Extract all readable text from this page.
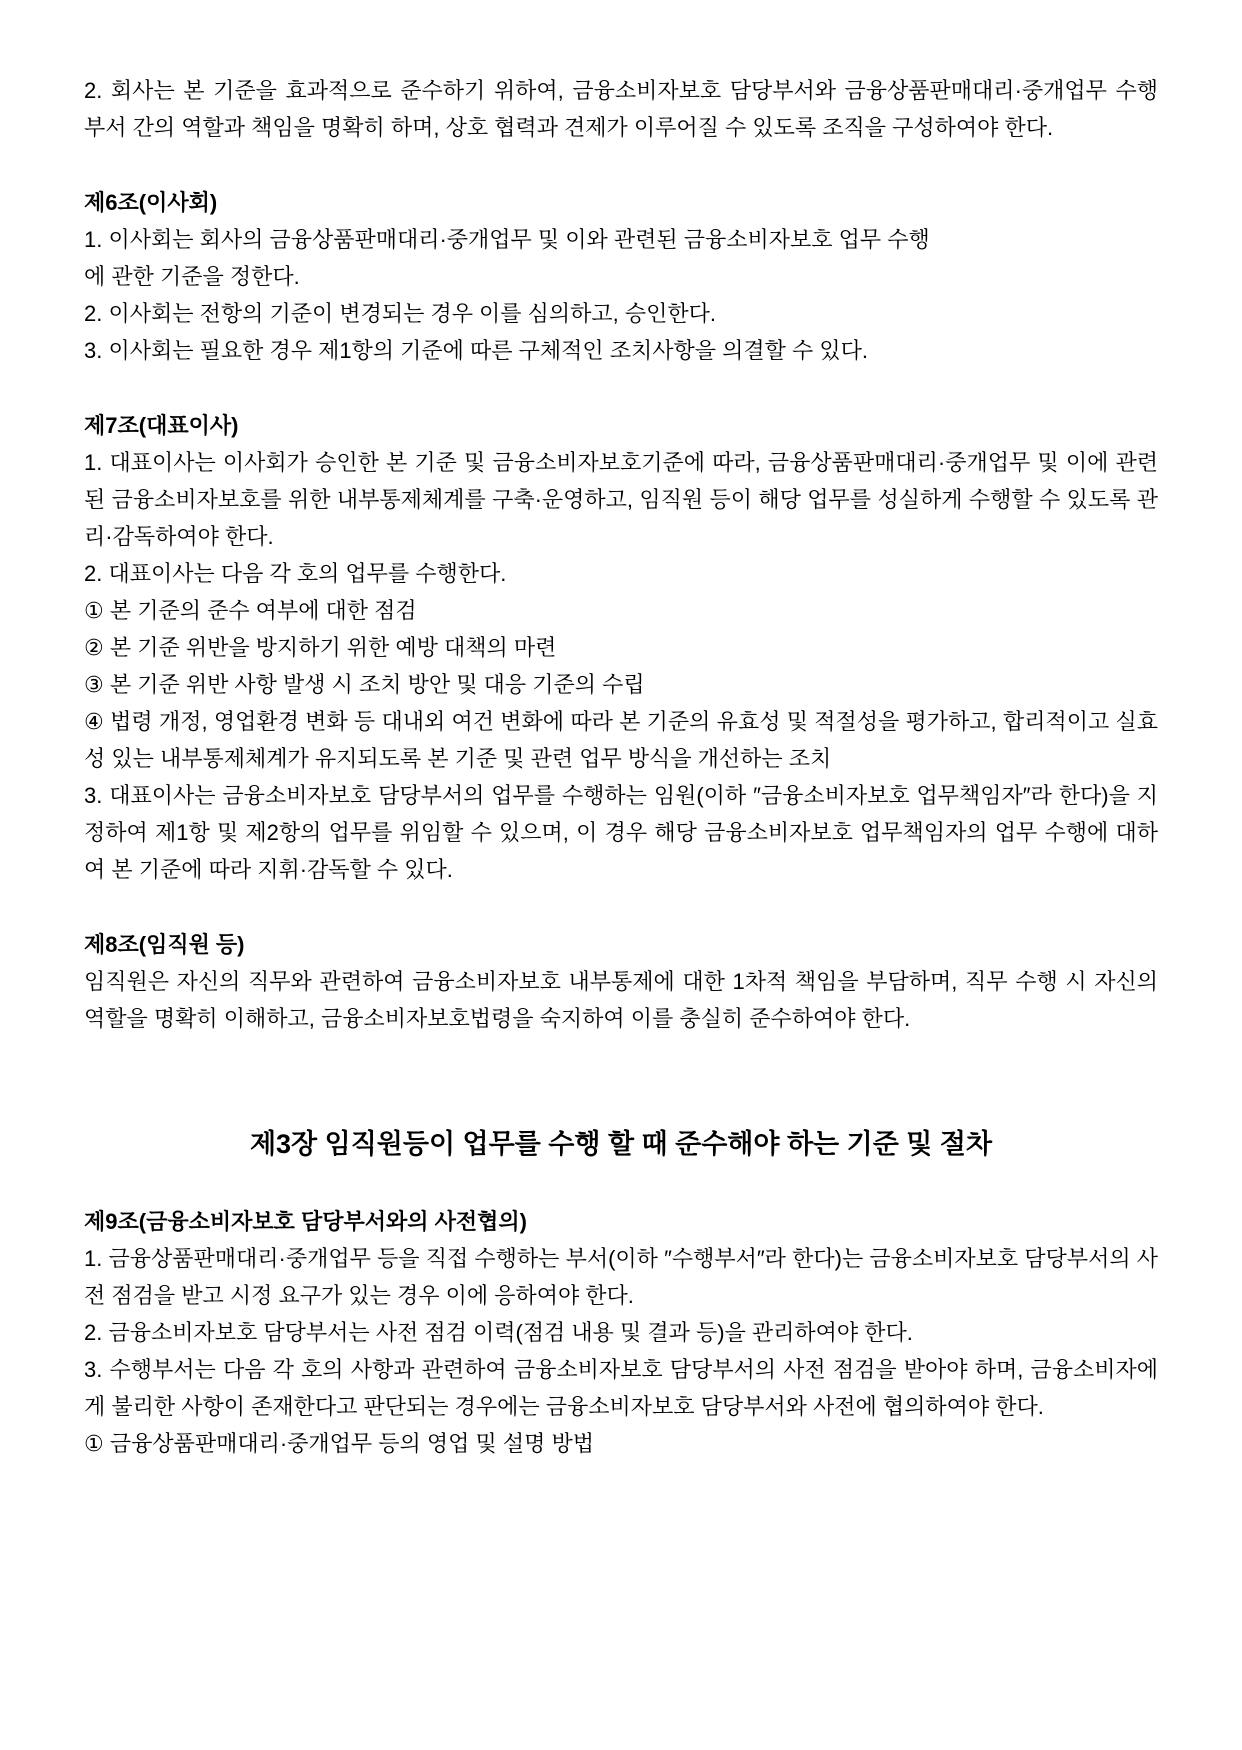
2. 회사는 본 기준을 효과적으로 준수하기 위하여, 금융소비자보호 담당부서와 금융상품판매대리·중개업무 수행 부서 간의 역할과 책임을 명확히 하며, 상호 협력과 견제가 이루어질 수 있도록 조직을 구성하여야 한다.

제6조(이사회)

1. 이사회는 회사의 금융상품판매대리·중개업무 및 이와 관련된 금융소비자보호 업무 수행
에 관한 기준을 정한다.

2. 이사회는 전항의 기준이 변경되는 경우 이를 심의하고, 승인한다.

3. 이사회는 필요한 경우 제1항의 기준에 따른 구체적인 조치사항을 의결할 수 있다.

제7조(대표이사)

1. 대표이사는 이사회가 승인한 본 기준 및 금융소비자보호기준에 따라, 금융상품판매대리·중개업무 및 이에 관련된 금융소비자보호를 위한 내부통제체계를 구축·운영하고, 임직원 등이 해당 업무를 성실하게 수행할 수 있도록 관리·감독하여야 한다.

2. 대표이사는 다음 각 호의 업무를 수행한다.

① 본 기준의 준수 여부에 대한 점검

② 본 기준 위반을 방지하기 위한 예방 대책의 마련

③ 본 기준 위반 사항 발생 시 조치 방안 및 대응 기준의 수립

④ 법령 개정, 영업환경 변화 등 대내외 여건 변화에 따라 본 기준의 유효성 및 적절성을 평가하고, 합리적이고 실효성 있는 내부통제체계가 유지되도록 본 기준 및 관련 업무 방식을 개선하는 조치

3. 대표이사는 금융소비자보호 담당부서의 업무를 수행하는 임원(이하 ″금융소비자보호 업무책임자″라 한다)을 지정하여 제1항 및 제2항의 업무를 위임할 수 있으며, 이 경우 해당 금융소비자보호 업무책임자의 업무 수행에 대하여 본 기준에 따라 지휘·감독할 수 있다.

제8조(임직원 등)

임직원은 자신의 직무와 관련하여 금융소비자보호 내부통제에 대한 1차적 책임을 부담하며, 직무 수행 시 자신의 역할을 명확히 이해하고, 금융소비자보호법령을 숙지하여 이를 충실히 준수하여야 한다.

제3장 임직원등이 업무를 수행 할 때 준수해야 하는 기준 및 절차
제9조(금융소비자보호 담당부서와의 사전협의)

1. 금융상품판매대리·중개업무 등을 직접 수행하는 부서(이하 ″수행부서″라 한다)는 금융소비자보호 담당부서의 사전 점검을 받고 시정 요구가 있는 경우 이에 응하여야 한다.

2. 금융소비자보호 담당부서는 사전 점검 이력(점검 내용 및 결과 등)을 관리하여야 한다.

3. 수행부서는 다음 각 호의 사항과 관련하여 금융소비자보호 담당부서의 사전 점검을 받아야 하며, 금융소비자에게 불리한 사항이 존재한다고 판단되는 경우에는 금융소비자보호 담당부서와 사전에 협의하여야 한다.

① 금융상품판매대리·중개업무 등의 영업 및 설명 방법
